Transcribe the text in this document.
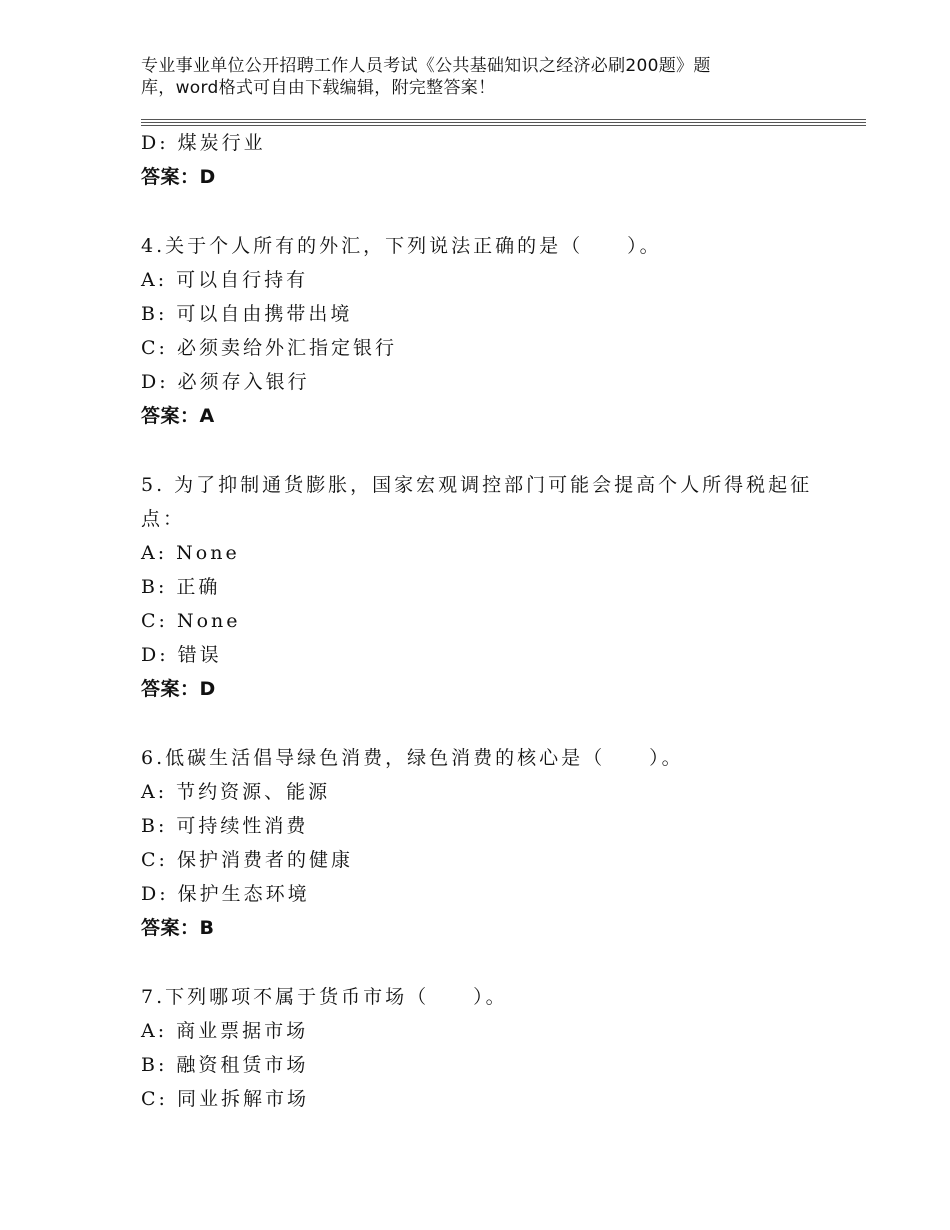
专业事业单位公开招聘工作人员考试《公共基础知识之经济必刷200题》题
库，word格式可自由下载编辑，附完整答案！
D: 煤炭行业
答案：D
4.关于个人所有的外汇，下列说法正确的是（　　）。
A: 可以自行持有
B: 可以自由携带出境
C: 必须卖给外汇指定银行
D: 必须存入银行
答案：A
5. 为了抑制通货膨胀，国家宏观调控部门可能会提高个人所得税起征
点：
A: None
B: 正确
C: None
D: 错误
答案：D
6.低碳生活倡导绿色消费，绿色消费的核心是（　　）。
A: 节约资源、能源
B: 可持续性消费
C: 保护消费者的健康
D: 保护生态环境
答案：B
7.下列哪项不属于货币市场（　　）。
A: 商业票据市场
B: 融资租赁市场
C: 同业拆解市场
